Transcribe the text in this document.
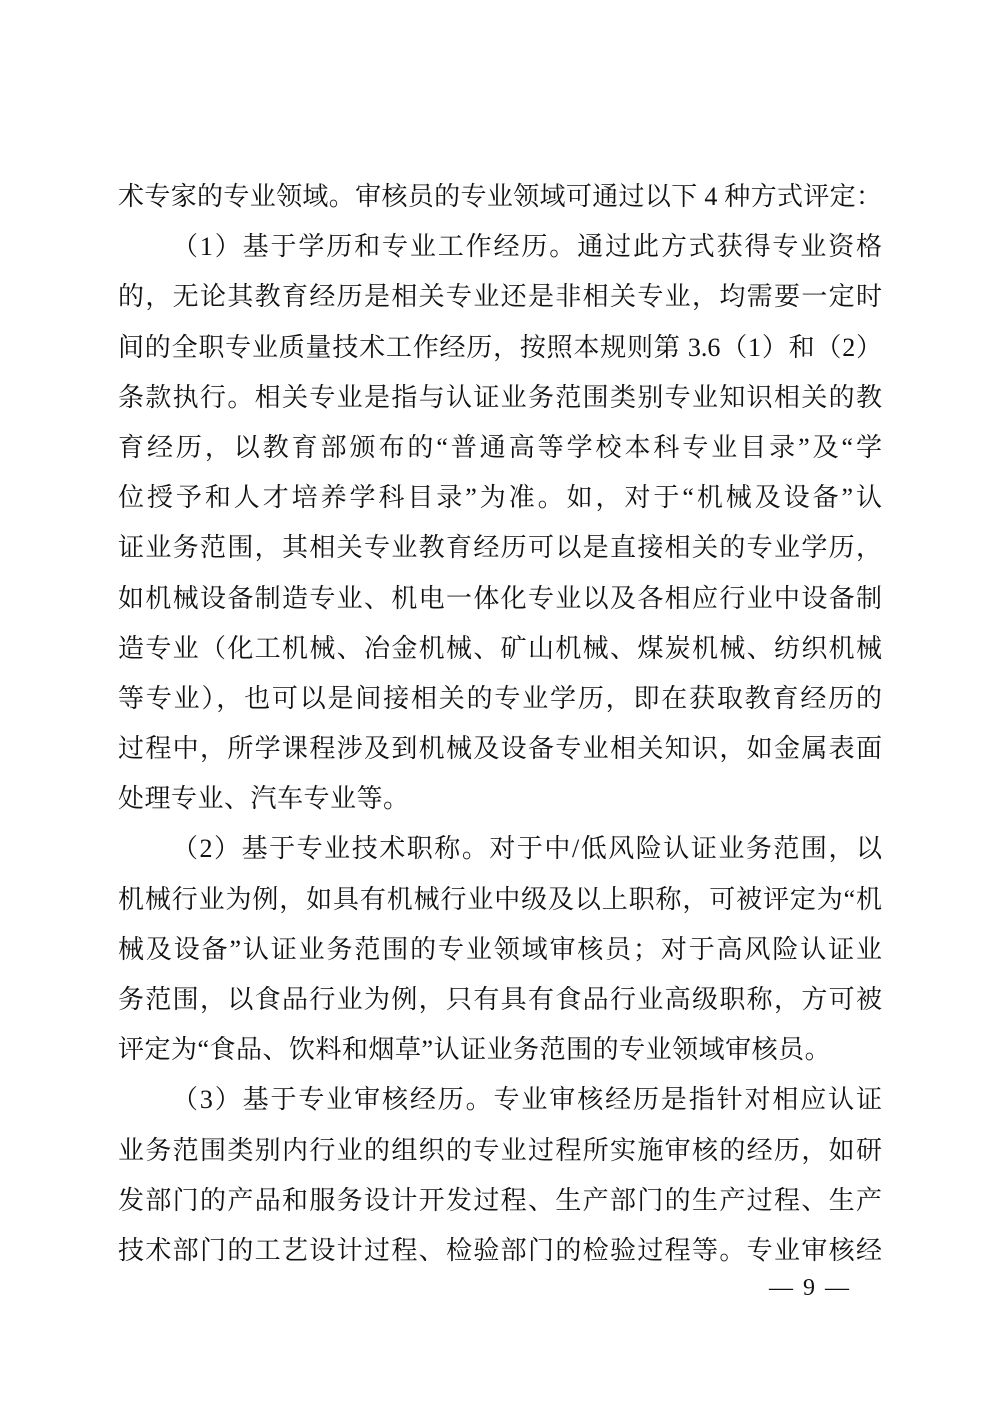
术专家的专业领域。审核员的专业领域可通过以下 4 种方式评定：
（1）基于学历和专业工作经历。通过此方式获得专业资格
的，无论其教育经历是相关专业还是非相关专业，均需要一定时
间的全职专业质量技术工作经历，按照本规则第 3.6（1）和（2）
条款执行。相关专业是指与认证业务范围类别专业知识相关的教
育经历，以教育部颁布的“普通高等学校本科专业目录”及“学
位授予和人才培养学科目录”为准。如，对于“机械及设备”认
证业务范围，其相关专业教育经历可以是直接相关的专业学历，
如机械设备制造专业、机电一体化专业以及各相应行业中设备制
造专业（化工机械、冶金机械、矿山机械、煤炭机械、纺织机械
等专业），也可以是间接相关的专业学历，即在获取教育经历的
过程中，所学课程涉及到机械及设备专业相关知识，如金属表面
处理专业、汽车专业等。
（2）基于专业技术职称。对于中/低风险认证业务范围，以
机械行业为例，如具有机械行业中级及以上职称，可被评定为“机
械及设备”认证业务范围的专业领域审核员；对于高风险认证业
务范围，以食品行业为例，只有具有食品行业高级职称，方可被
评定为“食品、饮料和烟草”认证业务范围的专业领域审核员。
（3）基于专业审核经历。专业审核经历是指针对相应认证
业务范围类别内行业的组织的专业过程所实施审核的经历，如研
发部门的产品和服务设计开发过程、生产部门的生产过程、生产
技术部门的工艺设计过程、检验部门的检验过程等。专业审核经
— 9 —
